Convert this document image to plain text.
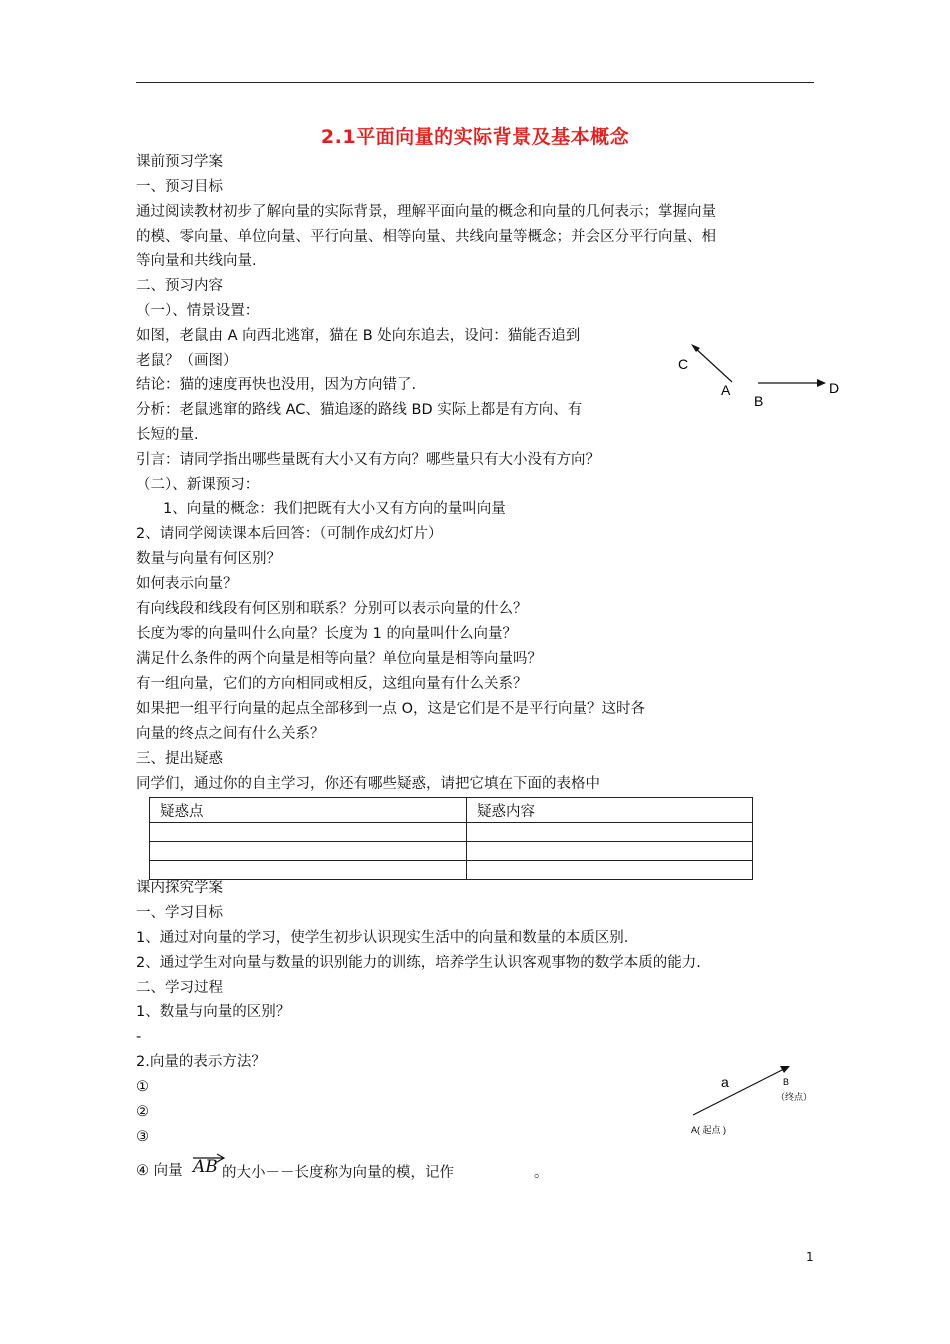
2.1平面向量的实际背景及基本概念
课前预习学案
一、预习目标
通过阅读教材初步了解向量的实际背景，理解平面向量的概念和向量的几何表示；掌握向量
的模、零向量、单位向量、平行向量、相等向量、共线向量等概念；并会区分平行向量、相
等向量和共线向量.
二、预习内容
（一）、情景设置：
如图，老鼠由 A 向西北逃窜，猫在 B 处向东追去，设问：猫能否追到
老鼠？（画图）
结论：猫的速度再快也没用，因为方向错了.
分析：老鼠逃窜的路线 AC、猫追逐的路线 BD 实际上都是有方向、有
长短的量.
引言：请同学指出哪些量既有大小又有方向？哪些量只有大小没有方向？
（二）、新课预习：
1、向量的概念：我们把既有大小又有方向的量叫向量
2、请同学阅读课本后回答：（可制作成幻灯片）
数量与向量有何区别？
如何表示向量？
有向线段和线段有何区别和联系？分别可以表示向量的什么？
长度为零的向量叫什么向量？长度为 1 的向量叫什么向量？
满足什么条件的两个向量是相等向量？单位向量是相等向量吗？
有一组向量，它们的方向相同或相反，这组向量有什么关系？
如果把一组平行向量的起点全部移到一点 O，这是它们是不是平行向量？这时各
向量的终点之间有什么关系？
三、提出疑惑
同学们，通过你的自主学习，你还有哪些疑惑，请把它填在下面的表格中
疑惑点	疑惑内容

课内探究学案
一、学习目标
1、通过对向量的学习，使学生初步认识现实生活中的向量和数量的本质区别.
2、通过学生对向量与数量的识别能力的训练，培养学生认识客观事物的数学本质的能力.
二、学习过程
1、数量与向量的区别？
-
2.向量的表示方法？
①
②
③
④ 向量 AB 的大小－－长度称为向量的模，记作	。
C
A
B
D
a	B
（终点）
A( 起点 )
1
